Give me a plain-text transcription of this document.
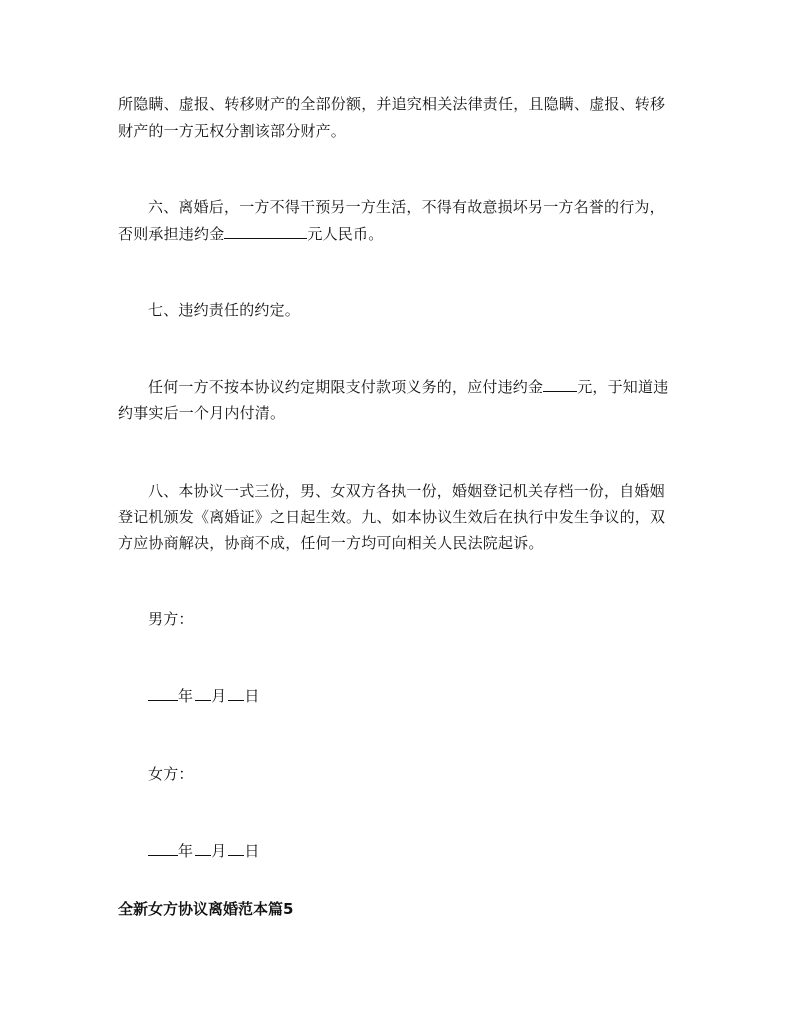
所隐瞒、虚报、转移财产的全部份额，并追究相关法律责任，且隐瞒、虚报、转移
财产的一方无权分割该部分财产。
六、离婚后，一方不得干预另一方生活，不得有故意损坏另一方名誉的行为，
否则承担违约金	元人民币。
七、违约责任的约定。
任何一方不按本协议约定期限支付款项义务的，应付违约金 元，于知道违
约事实后一个月内付清。
八、本协议一式三份，男、女双方各执一份，婚姻登记机关存档一份，自婚姻
登记机颁发《离婚证》之日起生效。九、如本协议生效后在执行中发生争议的，双
方应协商解决，协商不成，任何一方均可向相关人民法院起诉。
男方：
年 月 日
女方：
年 月 日
全新女方协议离婚范本篇5
